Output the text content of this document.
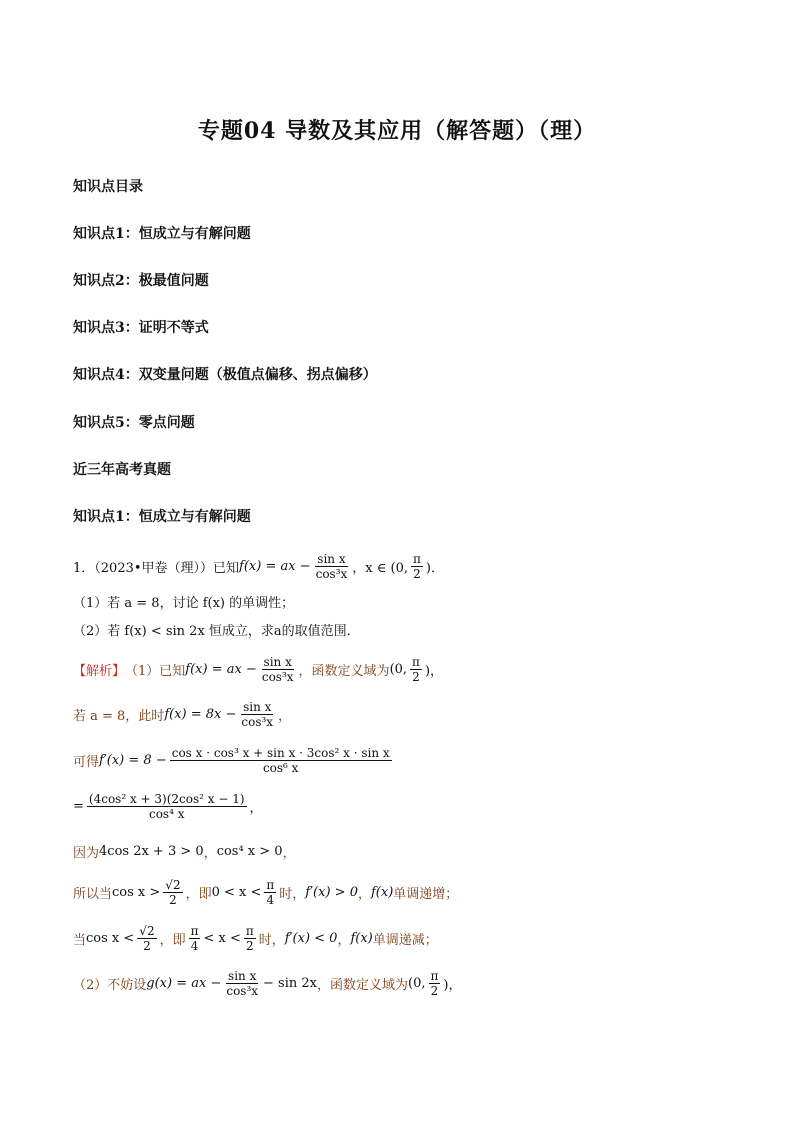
专题04 导数及其应用（解答题）（理）
知识点目录
知识点1：恒成立与有解问题
知识点2：极最值问题
知识点3：证明不等式
知识点4：双变量问题（极值点偏移、拐点偏移）
知识点5：零点问题
近三年高考真题
知识点1：恒成立与有解问题
1．（2023•甲卷（理））已知 f(x) = ax − $\frac{\text{sin x}}{\text{cos³x}}$ ，x ∈ (0, $\frac{\pi}{2}$ )．
（1）若 a = 8，讨论 f(x) 的单调性；
（2）若 f(x) < sin 2x 恒成立，求a的取值范围．
【解析】 （1）已知 f(x) = ax − $\frac{\text{sin x}}{\text{cos³x}}$ ，函数定义域为 (0, $\frac{\pi}{2}$ )，
若 a = 8，此时 $f(x) = 8x - \frac{\text{sin x}}{\text{cos³x}}$ ，
可得 $f'(x) = 8 - \frac{\text{cos x · cos³ x + sin x · 3cos² x · sin x}}{\text{cos⁶ x}}$
= $\frac{\text{(4cos² x + 3)(2cos² x − 1)}}{\text{cos⁴ x}}$ ，
因为 4cos 2x + 3 > 0 ， cos⁴ x > 0 ，
所以当 $\cos x > \frac{√2}{2}$ ，即 $0 < x < \frac{\pi}{4}$ 时， f′(x) > 0 ， f(x) 单调递增；
当 $\cos x < \frac{√2}{2}$ ，即 $\frac{\pi}{4} < x < \frac{\pi}{2}$ 时， f′(x) < 0 ， f(x) 单调递减；
（2）不妨设 g(x) = ax − $\frac{\text{sin x}}{\text{cos³x}} - \sin 2x$ ，函数定义域为 (0, $\frac{\pi}{2}$ )，
